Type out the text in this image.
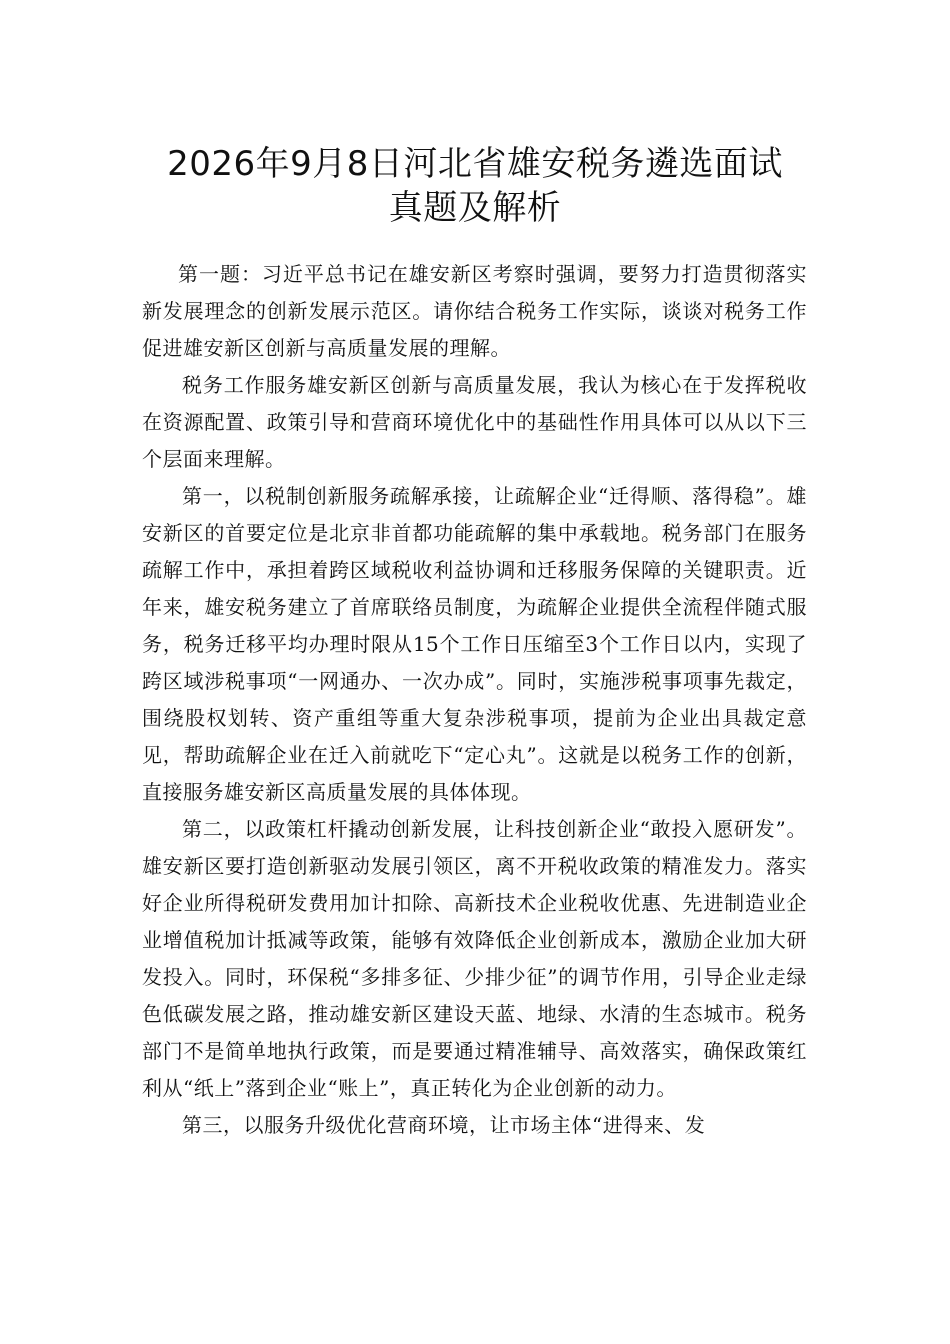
2026年9月8日河北省雄安税务遴选面试
真题及解析

第一题：习近平总书记在雄安新区考察时强调，要努力打造贯彻落实新发展理念的创新发展示范区。请你结合税务工作实际，谈谈对税务工作促进雄安新区创新与高质量发展的理解。

税务工作服务雄安新区创新与高质量发展，我认为核心在于发挥税收在资源配置、政策引导和营商环境优化中的基础性作用具体可以从以下三个层面来理解。

第一，以税制创新服务疏解承接，让疏解企业“迁得顺、落得稳”。雄安新区的首要定位是北京非首都功能疏解的集中承载地。税务部门在服务疏解工作中，承担着跨区域税收利益协调和迁移服务保障的关键职责。近年来，雄安税务建立了首席联络员制度，为疏解企业提供全流程伴随式服务，税务迁移平均办理时限从15个工作日压缩至3个工作日以内，实现了跨区域涉税事项“一网通办、一次办成”。同时，实施涉税事项事先裁定，围绕股权划转、资产重组等重大复杂涉税事项，提前为企业出具裁定意见，帮助疏解企业在迁入前就吃下“定心丸”。这就是以税务工作的创新，直接服务雄安新区高质量发展的具体体现。

第二，以政策杠杆撬动创新发展，让科技创新企业“敢投入愿研发”。雄安新区要打造创新驱动发展引领区，离不开税收政策的精准发力。落实好企业所得税研发费用加计扣除、高新技术企业税收优惠、先进制造业企业增值税加计抵减等政策，能够有效降低企业创新成本，激励企业加大研发投入。同时，环保税“多排多征、少排少征”的调节作用，引导企业走绿色低碳发展之路，推动雄安新区建设天蓝、地绿、水清的生态城市。税务部门不是简单地执行政策，而是要通过精准辅导、高效落实，确保政策红利从“纸上”落到企业“账上”，真正转化为企业创新的动力。

第三，以服务升级优化营商环境，让市场主体“进得来、发
